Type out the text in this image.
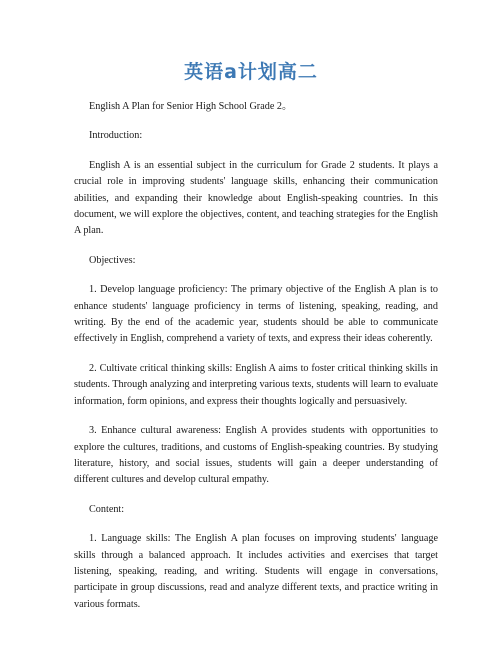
英语a计划高二

English A Plan for Senior High School Grade 2。

Introduction:

English A is an essential subject in the curriculum for Grade 2 students. It plays a crucial role in improving students' language skills, enhancing their communication abilities, and expanding their knowledge about English-speaking countries. In this document, we will explore the objectives, content, and teaching strategies for the English A plan.

Objectives:

1. Develop language proficiency: The primary objective of the English A plan is to enhance students' language proficiency in terms of listening, speaking, reading, and writing. By the end of the academic year, students should be able to communicate effectively in English, comprehend a variety of texts, and express their ideas coherently.

2. Cultivate critical thinking skills: English A aims to foster critical thinking skills in students. Through analyzing and interpreting various texts, students will learn to evaluate information, form opinions, and express their thoughts logically and persuasively.

3. Enhance cultural awareness: English A provides students with opportunities to explore the cultures, traditions, and customs of English-speaking countries. By studying literature, history, and social issues, students will gain a deeper understanding of different cultures and develop cultural empathy.

Content:

1. Language skills: The English A plan focuses on improving students' language skills through a balanced approach. It includes activities and exercises that target listening, speaking, reading, and writing. Students will engage in conversations, participate in group discussions, read and analyze different texts, and practice writing in various formats.
